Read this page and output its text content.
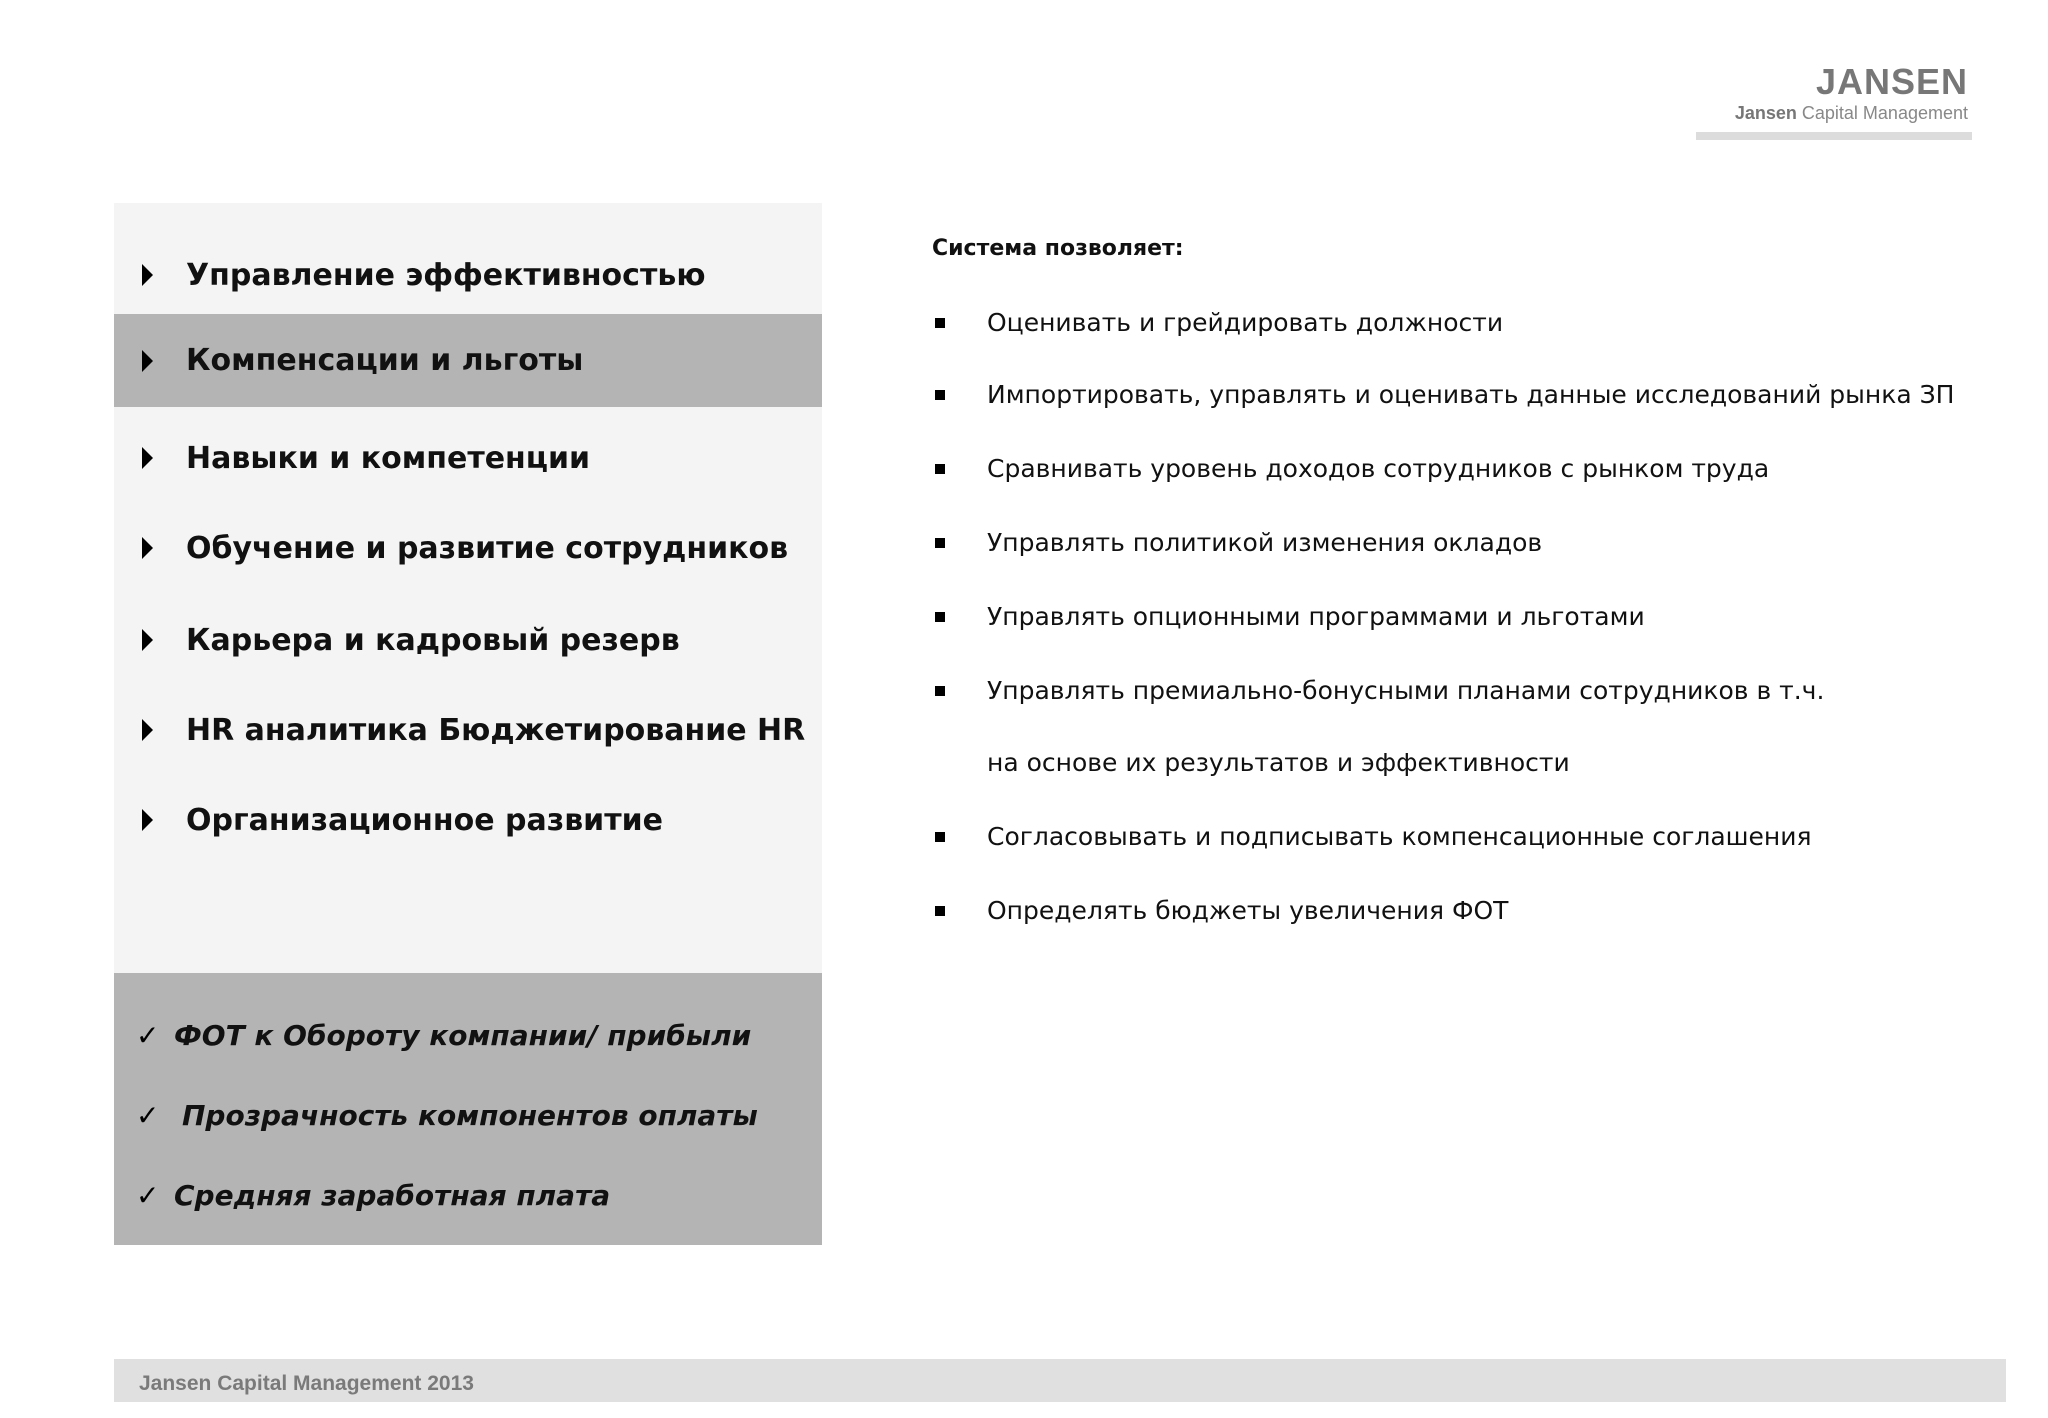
JANSEN
Jansen Capital Management
Управление эффективностью
Компенсации и льготы
Навыки и компетенции
Обучение и развитие сотрудников
Карьера и кадровый резерв
HR аналитика Бюджетирование HR
Организационное развитие
✓ ФОТ к Обороту компании/ прибыли
✓ Прозрачность компонентов оплаты
✓ Средняя заработная плата
Система позволяет:
Оценивать и грейдировать должности
Импортировать, управлять и оценивать данные исследований рынка ЗП
Сравнивать уровень доходов сотрудников с рынком труда
Управлять политикой изменения окладов
Управлять опционными программами и льготами
Управлять премиально-бонусными планами сотрудников в т.ч.
на основе их результатов и эффективности
Согласовывать и подписывать компенсационные соглашения
Определять бюджеты увеличения ФОТ
Jansen Capital Management 2013
